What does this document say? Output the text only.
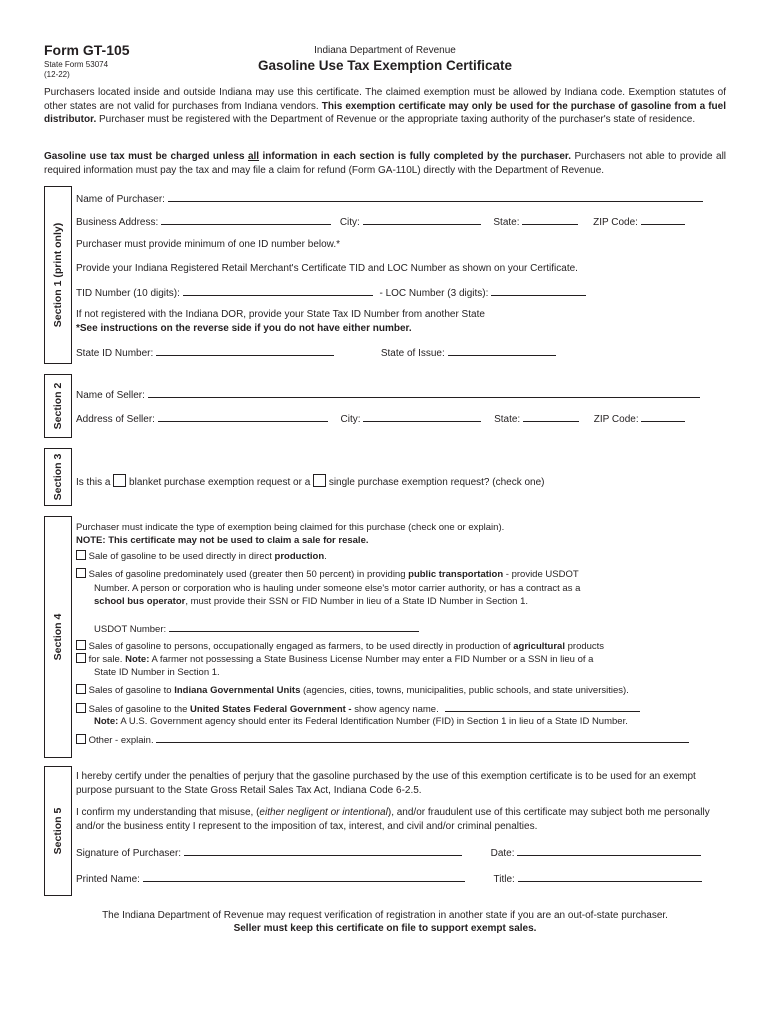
Form GT-105
State Form 53074
(12-22)
Indiana Department of Revenue
Gasoline Use Tax Exemption Certificate
Purchasers located inside and outside Indiana may use this certificate. The claimed exemption must be allowed by Indiana code. Exemption statutes of other states are not valid for purchases from Indiana vendors. This exemption certificate may only be used for the purchase of gasoline from a fuel distributor. Purchaser must be registered with the Department of Revenue or the appropriate taxing authority of the purchaser's state of residence.
Gasoline use tax must be charged unless all information in each section is fully completed by the purchaser. Purchasers not able to provide all required information must pay the tax and may file a claim for refund (Form GA-110L) directly with the Department of Revenue.
Section 1 (print only)
Name of Purchaser:
Business Address:	City:	State:	ZIP Code:
Purchaser must provide minimum of one ID number below.*
Provide your Indiana Registered Retail Merchant's Certificate TID and LOC Number as shown on your Certificate.
TID Number (10 digits):	- LOC Number (3 digits):
If not registered with the Indiana DOR, provide your State Tax ID Number from another State
*See instructions on the reverse side if you do not have either number.
State ID Number:	State of Issue:
Section 2 Name of Seller:
Address of Seller:	City:	State:	ZIP Code:
Section 3 Is this a blanket purchase exemption request or a single purchase exemption request? (check one)
Section 4
Purchaser must indicate the type of exemption being claimed for this purchase (check one or explain).
NOTE: This certificate may not be used to claim a sale for resale.
Sale of gasoline to be used directly in direct production.
Sales of gasoline predominately used (greater then 50 percent) in providing public transportation - provide USDOT
Number. A person or corporation who is hauling under someone else's motor carrier authority, or has a contract as a
school bus operator, must provide their SSN or FID Number in lieu of a State ID Number in Section 1.
USDOT Number:
Sales of gasoline to persons, occupationally engaged as farmers, to be used directly in production of agricultural products
for sale. Note: A farmer not possessing a State Business License Number may enter a FID Number or a SSN in lieu of a
State ID Number in Section 1.
Sales of gasoline to Indiana Governmental Units (agencies, cities, towns, municipalities, public schools, and state universities).
Sales of gasoline to the United States Federal Government - show agency name.
Note: A U.S. Government agency should enter its Federal Identification Number (FID) in Section 1 in lieu of a State ID Number.
Other - explain.
Section 5
I hereby certify under the penalties of perjury that the gasoline purchased by the use of this exemption certificate is to be used for an exempt purpose pursuant to the State Gross Retail Sales Tax Act, Indiana Code 6-2.5.
I confirm my understanding that misuse, (either negligent or intentional), and/or fraudulent use of this certificate may subject both me personally and/or the business entity I represent to the imposition of tax, interest, and civil and/or criminal penalties.
Signature of Purchaser:	Date:
Printed Name:	Title:
The Indiana Department of Revenue may request verification of registration in another state if you are an out-of-state purchaser.
Seller must keep this certificate on file to support exempt sales.
